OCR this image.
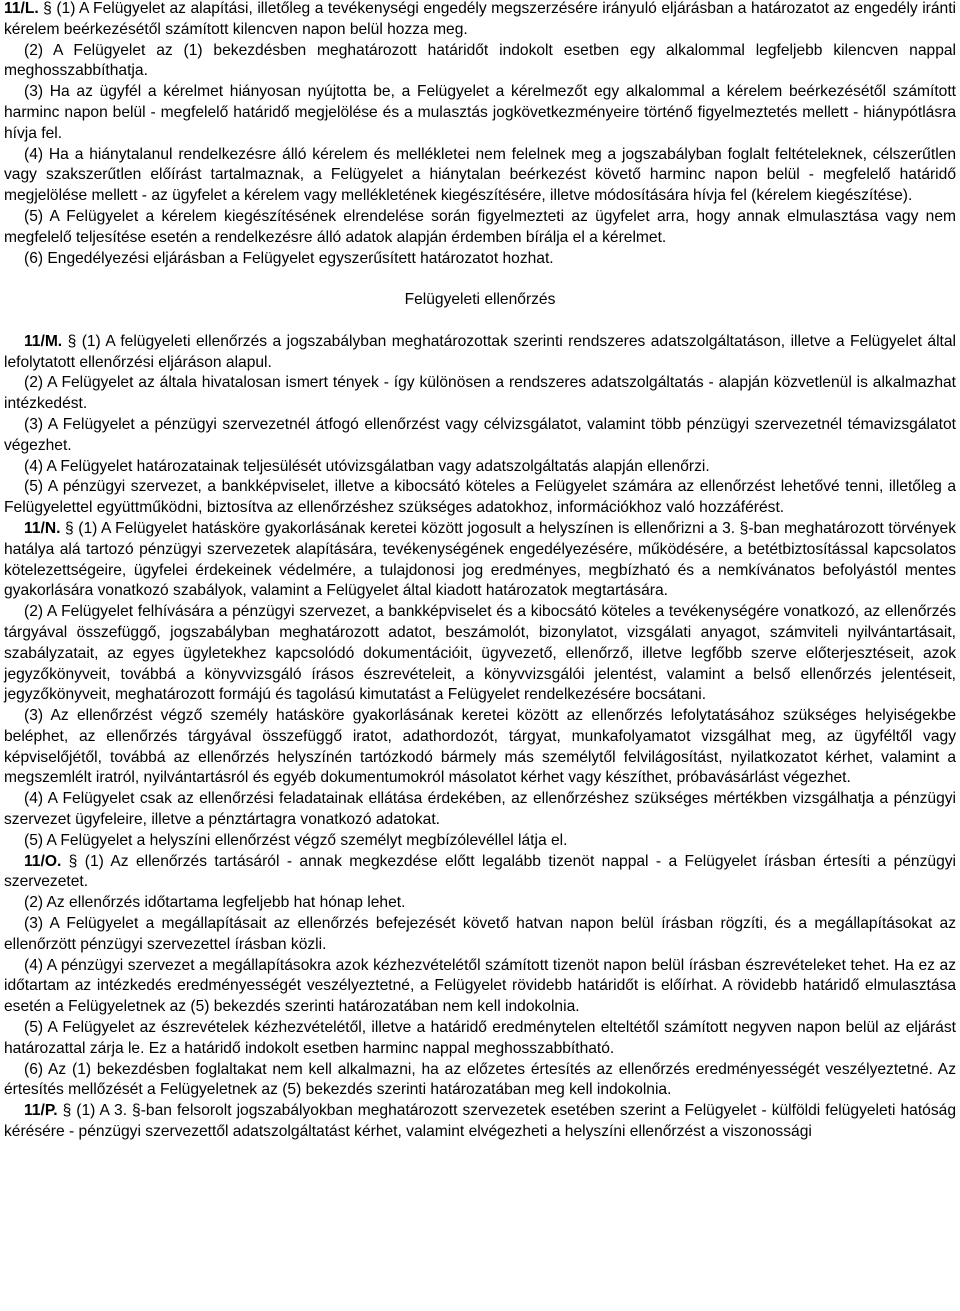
11/L. § (1) A Felügyelet az alapítási, illetőleg a tevékenységi engedély megszerzésére irányuló eljárásban a határozatot az engedély iránti kérelem beérkezésétől számított kilencven napon belül hozza meg.

(2) A Felügyelet az (1) bekezdésben meghatározott határidőt indokolt esetben egy alkalommal legfeljebb kilencven nappal meghosszabbíthatja.

(3) Ha az ügyfél a kérelmet hiányosan nyújtotta be, a Felügyelet a kérelmezőt egy alkalommal a kérelem beérkezésétől számított harminc napon belül - megfelelő határidő megjelölése és a mulasztás jogkövetkezményeire történő figyelmeztetés mellett - hiánypótlásra hívja fel.

(4) Ha a hiánytalanul rendelkezésre álló kérelem és mellékletei nem felelnek meg a jogszabályban foglalt feltételeknek, célszerűtlen vagy szakszerűtlen előírást tartalmaznak, a Felügyelet a hiánytalan beérkezést követő harminc napon belül - megfelelő határidő megjelölése mellett - az ügyfelet a kérelem vagy mellékletének kiegészítésére, illetve módosítására hívja fel (kérelem kiegészítése).

(5) A Felügyelet a kérelem kiegészítésének elrendelése során figyelmezteti az ügyfelet arra, hogy annak elmulasztása vagy nem megfelelő teljesítése esetén a rendelkezésre álló adatok alapján érdemben bírálja el a kérelmet.

(6) Engedélyezési eljárásban a Felügyelet egyszerűsített határozatot hozhat.

Felügyeleti ellenőrzés

11/M. § (1) A felügyeleti ellenőrzés a jogszabályban meghatározottak szerinti rendszeres adatszolgáltatáson, illetve a Felügyelet által lefolytatott ellenőrzési eljáráson alapul.

(2) A Felügyelet az általa hivatalosan ismert tények - így különösen a rendszeres adatszolgáltatás - alapján közvetlenül is alkalmazhat intézkedést.

(3) A Felügyelet a pénzügyi szervezetnél átfogó ellenőrzést vagy célvizsgálatot, valamint több pénzügyi szervezetnél témavizsgálatot végezhet.

(4) A Felügyelet határozatainak teljesülését utóvizsgálatban vagy adatszolgáltatás alapján ellenőrzi.

(5) A pénzügyi szervezet, a bankképviselet, illetve a kibocsátó köteles a Felügyelet számára az ellenőrzést lehetővé tenni, illetőleg a Felügyelettel együttműködni, biztosítva az ellenőrzéshez szükséges adatokhoz, információkhoz való hozzáférést.

11/N. § (1) A Felügyelet hatásköre gyakorlásának keretei között jogosult a helyszínen is ellenőrizni a 3. §-ban meghatározott törvények hatálya alá tartozó pénzügyi szervezetek alapítására, tevékenységének engedélyezésére, működésére, a betétbiztosítással kapcsolatos kötelezettségeire, ügyfelei érdekeinek védelmére, a tulajdonosi jog eredményes, megbízható és a nemkívánatos befolyástól mentes gyakorlására vonatkozó szabályok, valamint a Felügyelet által kiadott határozatok megtartására.

(2) A Felügyelet felhívására a pénzügyi szervezet, a bankképviselet és a kibocsátó köteles a tevékenységére vonatkozó, az ellenőrzés tárgyával összefüggő, jogszabályban meghatározott adatot, beszámolót, bizonylatot, vizsgálati anyagot, számviteli nyilvántartásait, szabályzatait, az egyes ügyletekhez kapcsolódó dokumentációit, ügyvezető, ellenőrző, illetve legfőbb szerve előterjesztéseit, azok jegyzőkönyveit, továbbá a könyvvizsgáló írásos észrevételeit, a könyvvizsgálói jelentést, valamint a belső ellenőrzés jelentéseit, jegyzőkönyveit, meghatározott formájú és tagolású kimutatást a Felügyelet rendelkezésére bocsátani.

(3) Az ellenőrzést végző személy hatásköre gyakorlásának keretei között az ellenőrzés lefolytatásához szükséges helyiségekbe beléphet, az ellenőrzés tárgyával összefüggő iratot, adathordozót, tárgyat, munkafolyamatot vizsgálhat meg, az ügyféltől vagy képviselőjétől, továbbá az ellenőrzés helyszínén tartózkodó bármely más személytől felvilágosítást, nyilatkozatot kérhet, valamint a megszemlélt iratról, nyilvántartásról és egyéb dokumentumokról másolatot kérhet vagy készíthet, próbavásárlást végezhet.

(4) A Felügyelet csak az ellenőrzési feladatainak ellátása érdekében, az ellenőrzéshez szükséges mértékben vizsgálhatja a pénzügyi szervezet ügyfeleire, illetve a pénztártagra vonatkozó adatokat.

(5) A Felügyelet a helyszíni ellenőrzést végző személyt megbízólevéllel látja el.

11/O. § (1) Az ellenőrzés tartásáról - annak megkezdése előtt legalább tizenöt nappal - a Felügyelet írásban értesíti a pénzügyi szervezetet.

(2) Az ellenőrzés időtartama legfeljebb hat hónap lehet.

(3) A Felügyelet a megállapításait az ellenőrzés befejezését követő hatvan napon belül írásban rögzíti, és a megállapításokat az ellenőrzött pénzügyi szervezettel írásban közli.

(4) A pénzügyi szervezet a megállapításokra azok kézhezvételétől számított tizenöt napon belül írásban észrevételeket tehet. Ha ez az időtartam az intézkedés eredményességét veszélyeztetné, a Felügyelet rövidebb határidőt is előírhat. A rövidebb határidő elmulasztása esetén a Felügyeletnek az (5) bekezdés szerinti határozatában nem kell indokolnia.

(5) A Felügyelet az észrevételek kézhezvételétől, illetve a határidő eredménytelen elteltétől számított negyven napon belül az eljárást határozattal zárja le. Ez a határidő indokolt esetben harminc nappal meghosszabbítható.

(6) Az (1) bekezdésben foglaltakat nem kell alkalmazni, ha az előzetes értesítés az ellenőrzés eredményességét veszélyeztetné. Az értesítés mellőzését a Felügyeletnek az (5) bekezdés szerinti határozatában meg kell indokolnia.

11/P. § (1) A 3. §-ban felsorolt jogszabályokban meghatározott szervezetek esetében szerint a Felügyelet - külföldi felügyeleti hatóság kérésére - pénzügyi szervezettől adatszolgáltatást kérhet, valamint elvégezheti a helyszíni ellenőrzést a viszonossági
